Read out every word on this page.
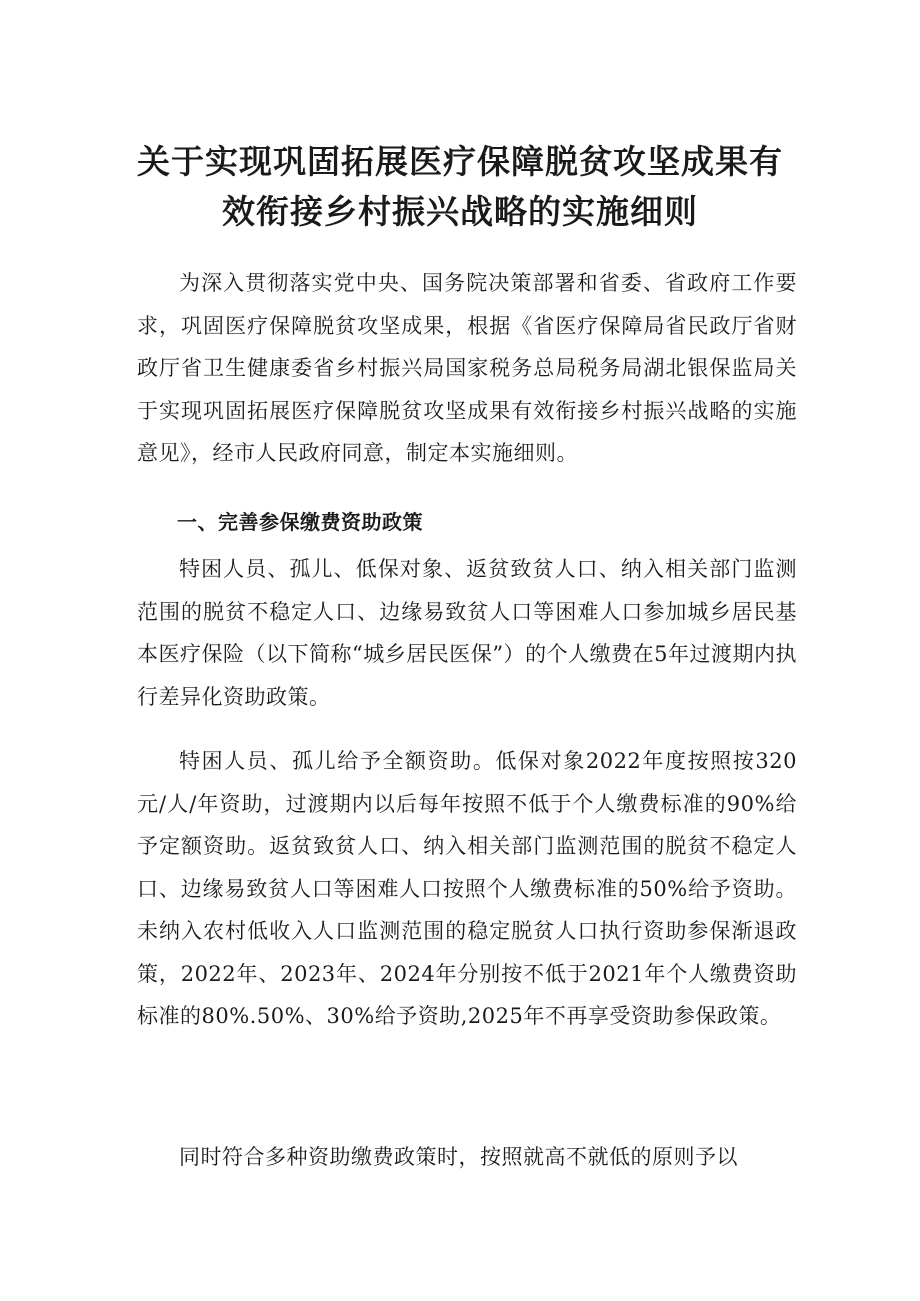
关于实现巩固拓展医疗保障脱贫攻坚成果有
效衔接乡村振兴战略的实施细则

为深入贯彻落实党中央、国务院决策部署和省委、省政府工作要求，巩固医疗保障脱贫攻坚成果，根据《省医疗保障局省民政厅省财政厅省卫生健康委省乡村振兴局国家税务总局税务局湖北银保监局关于实现巩固拓展医疗保障脱贫攻坚成果有效衔接乡村振兴战略的实施意见》，经市人民政府同意，制定本实施细则。

一、完善参保缴费资助政策

特困人员、孤儿、低保对象、返贫致贫人口、纳入相关部门监测范围的脱贫不稳定人口、边缘易致贫人口等困难人口参加城乡居民基本医疗保险（以下简称“城乡居民医保”）的个人缴费在5年过渡期内执行差异化资助政策。

特困人员、孤儿给予全额资助。低保对象2022年度按照按320元/人/年资助，过渡期内以后每年按照不低于个人缴费标准的90%给予定额资助。返贫致贫人口、纳入相关部门监测范围的脱贫不稳定人口、边缘易致贫人口等困难人口按照个人缴费标准的50%给予资助。未纳入农村低收入人口监测范围的稳定脱贫人口执行资助参保渐退政策，2022年、2023年、2024年分别按不低于2021年个人缴费资助标准的80%.50%、30%给予资助,2025年不再享受资助参保政策。

同时符合多种资助缴费政策时，按照就高不就低的原则予以
